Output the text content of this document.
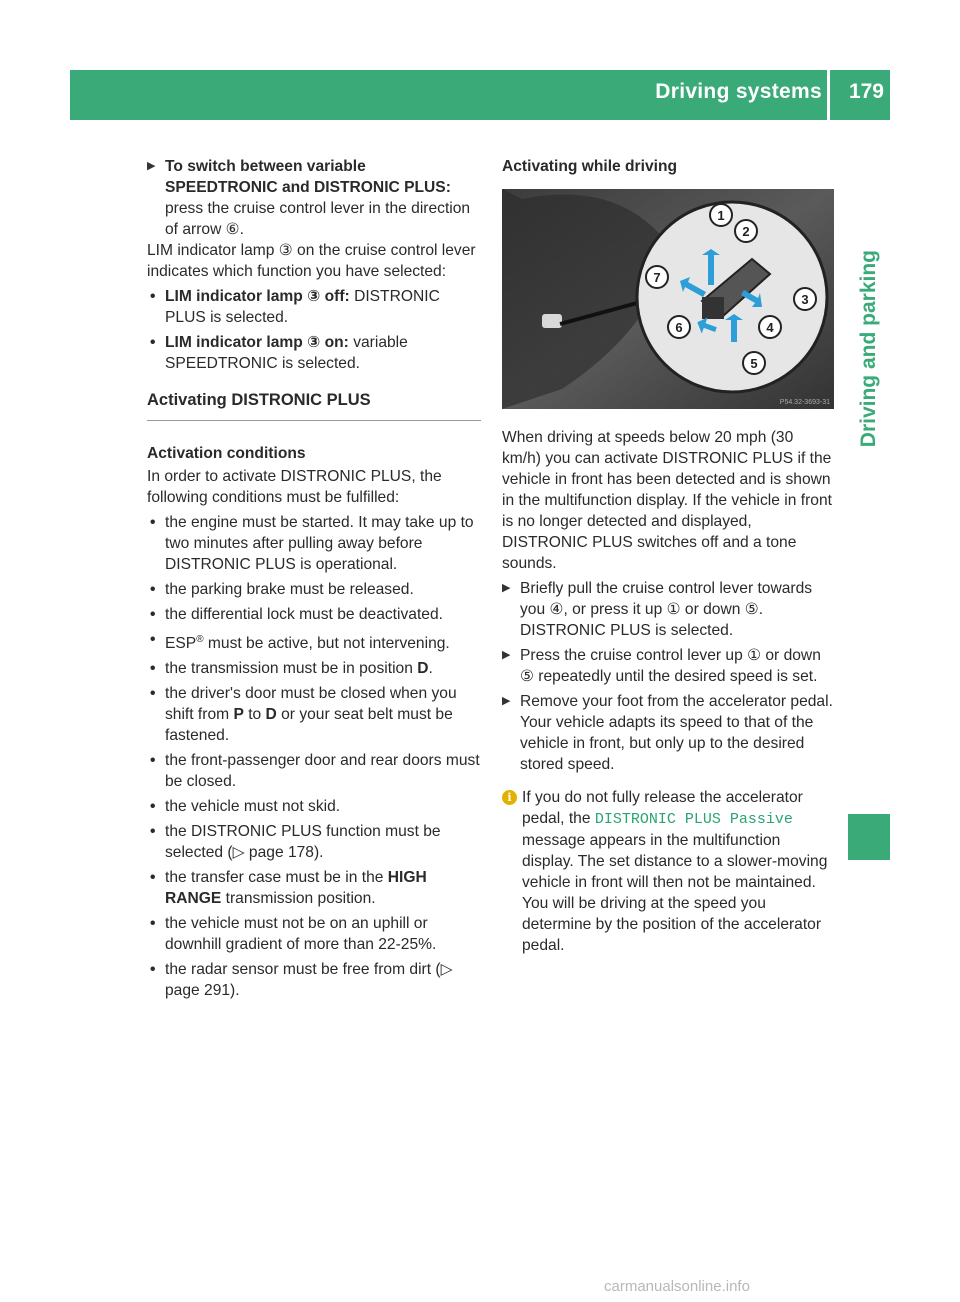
Driving systems 179
Driving and parking
▶ To switch between variable SPEEDTRONIC and DISTRONIC PLUS:
press the cruise control lever in the direction of arrow ⑥.

LIM indicator lamp ③ on the cruise control lever indicates which function you have selected:

• LIM indicator lamp ③ off: DISTRONIC PLUS is selected.
• LIM indicator lamp ③ on: variable SPEEDTRONIC is selected.
Activating DISTRONIC PLUS
Activation conditions

In order to activate DISTRONIC PLUS, the following conditions must be fulfilled:

• the engine must be started. It may take up to two minutes after pulling away before DISTRONIC PLUS is operational.
• the parking brake must be released.
• the differential lock must be deactivated.
• ESP® must be active, but not intervening.
• the transmission must be in position D.
• the driver's door must be closed when you shift from P to D or your seat belt must be fastened.
• the front-passenger door and rear doors must be closed.
• the vehicle must not skid.
• the DISTRONIC PLUS function must be selected (▷ page 178).
• the transfer case must be in the HIGH RANGE transmission position.
• the vehicle must not be on an uphill or downhill gradient of more than 22-25%.
• the radar sensor must be free from dirt (▷ page 291).
Activating while driving
1
2
3
4
5
6
7
P54.32-3693-31

When driving at speeds below 20 mph (30 km/h) you can activate DISTRONIC PLUS if the vehicle in front has been detected and is shown in the multifunction display. If the vehicle in front is no longer detected and displayed, DISTRONIC PLUS switches off and a tone sounds.

▶ Briefly pull the cruise control lever towards you ④, or press it up ① or down ⑤.
DISTRONIC PLUS is selected.
▶ Press the cruise control lever up ① or down ⑤ repeatedly until the desired speed is set.
▶ Remove your foot from the accelerator pedal.
Your vehicle adapts its speed to that of the vehicle in front, but only up to the desired stored speed.
i If you do not fully release the accelerator pedal, the DISTRONIC PLUS Passive message appears in the multifunction display. The set distance to a slower-moving vehicle in front will then not be maintained. You will be driving at the speed you determine by the position of the accelerator pedal.
carmanualsonline.info
